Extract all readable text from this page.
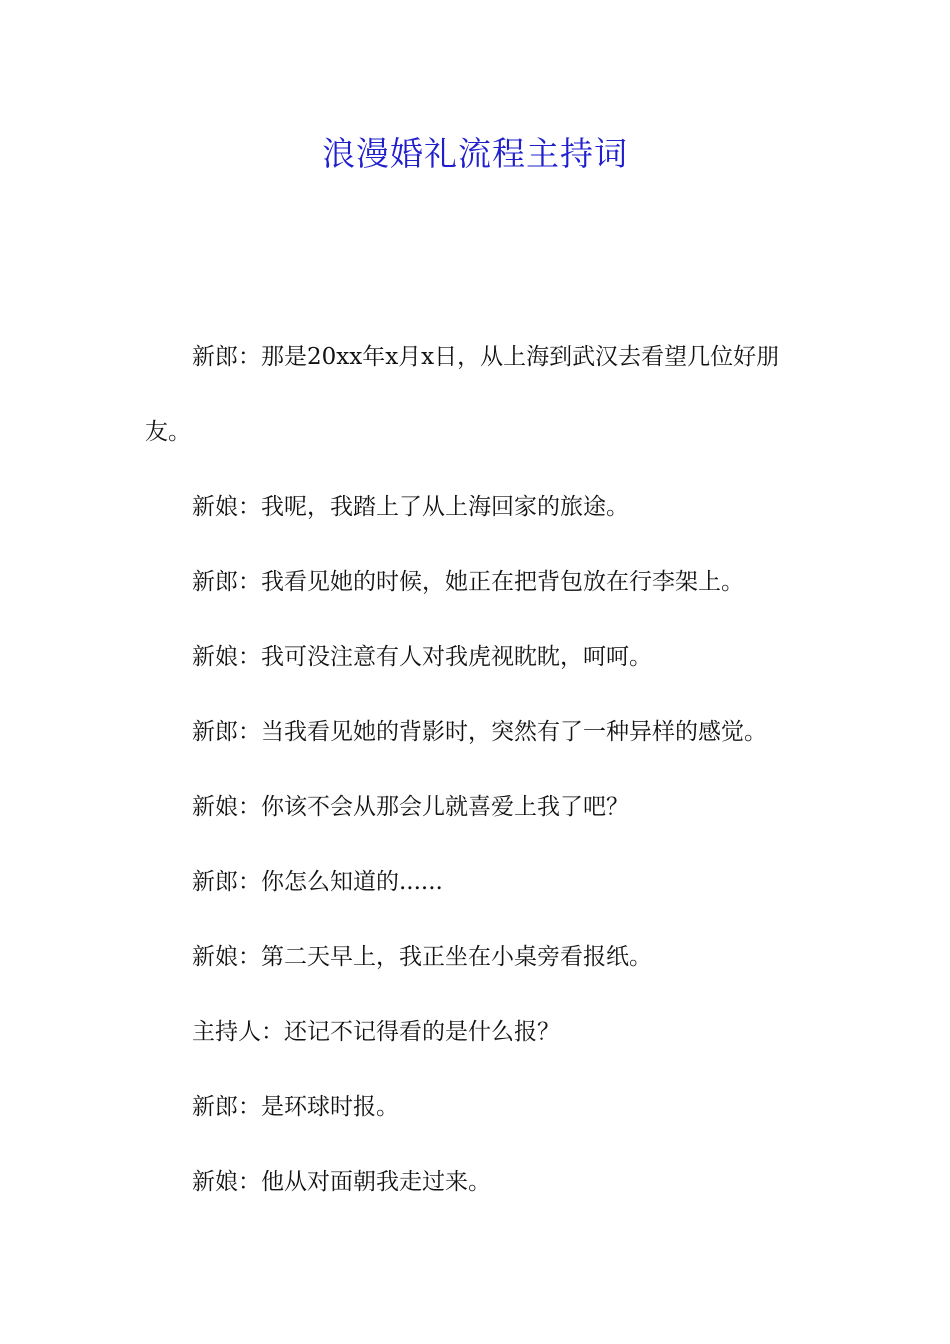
浪漫婚礼流程主持词

新郎：那是20xx年x月x日，从上海到武汉去看望几位好朋友。

新娘：我呢，我踏上了从上海回家的旅途。

新郎：我看见她的时候，她正在把背包放在行李架上。

新娘：我可没注意有人对我虎视眈眈，呵呵。

新郎：当我看见她的背影时，突然有了一种异样的感觉。

新娘：你该不会从那会儿就喜爱上我了吧？

新郎：你怎么知道的......

新娘：第二天早上，我正坐在小桌旁看报纸。

主持人：还记不记得看的是什么报？

新郎：是环球时报。

新娘：他从对面朝我走过来。
